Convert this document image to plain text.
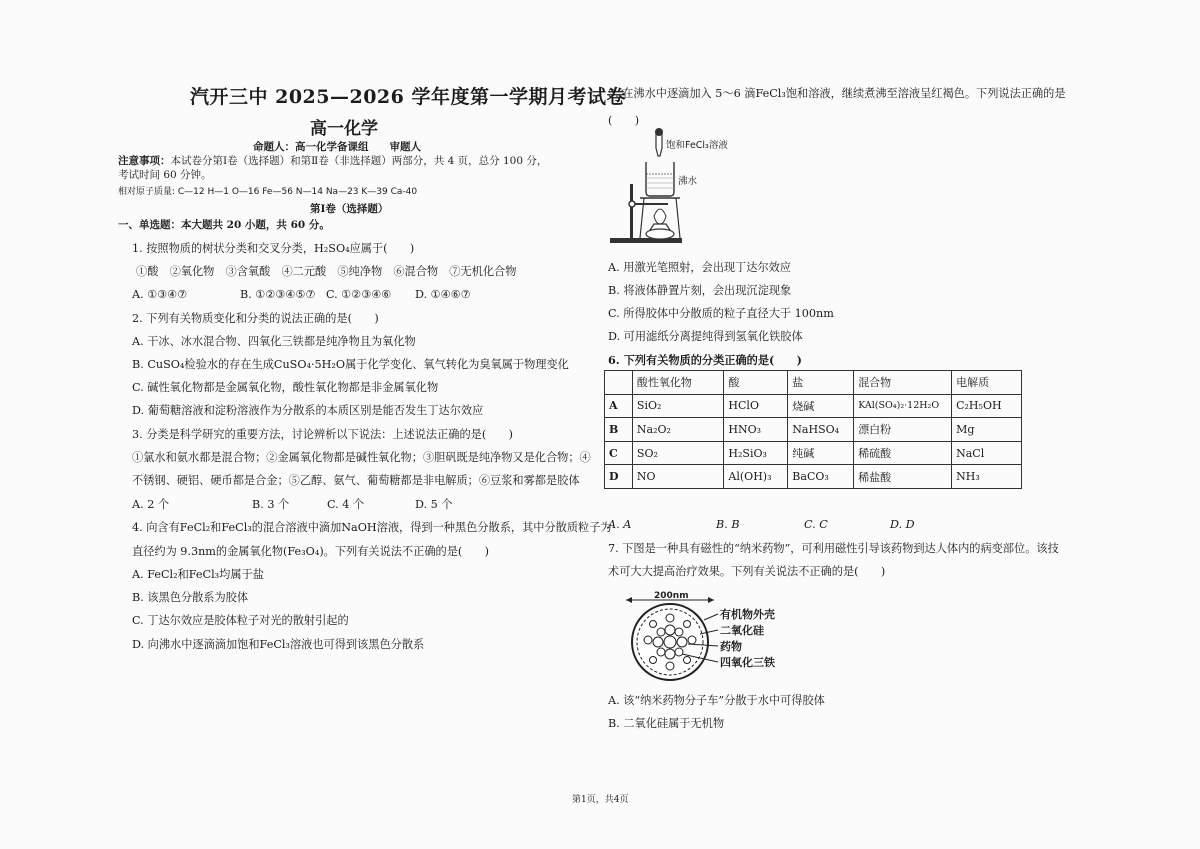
汽开三中 2025—2026 学年度第一学期月考试卷
高一化学
命题人：高一化学备课组　　审题人
注意事项：本试卷分第Ⅰ卷（选择题）和第Ⅱ卷（非选择题）两部分，共 4 页，总分 100 分，
考试时间 60 分钟。
相对原子质量: C—12 H—1 O—16 Fe—56 N—14 Na—23 K—39 Ca-40
第Ⅰ卷（选择题）
一、单选题：本大题共 20 小题，共 60 分。
1. 按照物质的树状分类和交叉分类，H₂SO₄应属于(　　)
①酸　②氧化物　③含氧酸　④二元酸　⑤纯净物　⑥混合物　⑦无机化合物
A. ①③④⑦	B. ①②③④⑤⑦ C. ①②③④⑥ D. ①④⑥⑦
2. 下列有关物质变化和分类的说法正确的是(　　)
A. 干冰、冰水混合物、四氧化三铁都是纯净物且为氧化物
B. CuSO₄检验水的存在生成CuSO₄·5H₂O属于化学变化、氧气转化为臭氧属于物理变化
C. 碱性氧化物都是金属氧化物，酸性氧化物都是非金属氧化物
D. 葡萄糖溶液和淀粉溶液作为分散系的本质区别是能否发生丁达尔效应
3. 分类是科学研究的重要方法，讨论辨析以下说法：上述说法正确的是(　　)
①氯水和氨水都是混合物；②金属氧化物都是碱性氧化物；③胆矾既是纯净物又是化合物；④
不锈钢、硬铝、硬币都是合金；⑤乙醇、氨气、葡萄糖都是非电解质；⑥豆浆和雾都是胶体
A. 2 个	B. 3 个	C. 4 个	D. 5 个
4. 向含有FeCl₂和FeCl₃的混合溶液中滴加NaOH溶液，得到一种黑色分散系，其中分散质粒子为
直径约为 9.3nm的金属氧化物(Fe₃O₄)。下列有关说法不正确的是(　　)
A. FeCl₂和FeCl₃均属于盐
B. 该黑色分散系为胶体
C. 丁达尔效应是胶体粒子对光的散射引起的
D. 向沸水中逐滴滴加饱和FeCl₃溶液也可得到该黑色分散系
5. 在沸水中逐滴加入 5～6 滴FeCl₃饱和溶液，继续煮沸至溶液呈红褐色。下列说法正确的是
(　　)
饱和FeCl₃溶液
沸水
A. 用激光笔照射，会出现丁达尔效应
B. 将液体静置片刻，会出现沉淀现象
C. 所得胶体中分散质的粒子直径大于 100nm
D. 可用滤纸分离提纯得到氢氧化铁胶体
6. 下列有关物质的分类正确的是(　　)
	酸性氧化物	酸	盐	混合物	电解质
A	SiO₂	HClO	烧碱	KAl(SO₄)₂·12H₂O	C₂H₅OH
B	Na₂O₂	HNO₃	NaHSO₄	漂白粉	Mg
C	SO₂	H₂SiO₃	纯碱	稀硫酸	NaCl
D	NO	Al(OH)₃	BaCO₃	稀盐酸	NH₃
A. A	B. B	C. C	D. D
7. 下图是一种具有磁性的“纳米药物”，可利用磁性引导该药物到达人体内的病变部位。该技
术可大大提高治疗效果。下列有关说法不正确的是(　　)
200nm
有机物外壳
二氧化硅
药物
四氧化三铁
A. 该“纳米药物分子车”分散于水中可得胶体
B. 二氧化硅属于无机物
第1页，共4页
